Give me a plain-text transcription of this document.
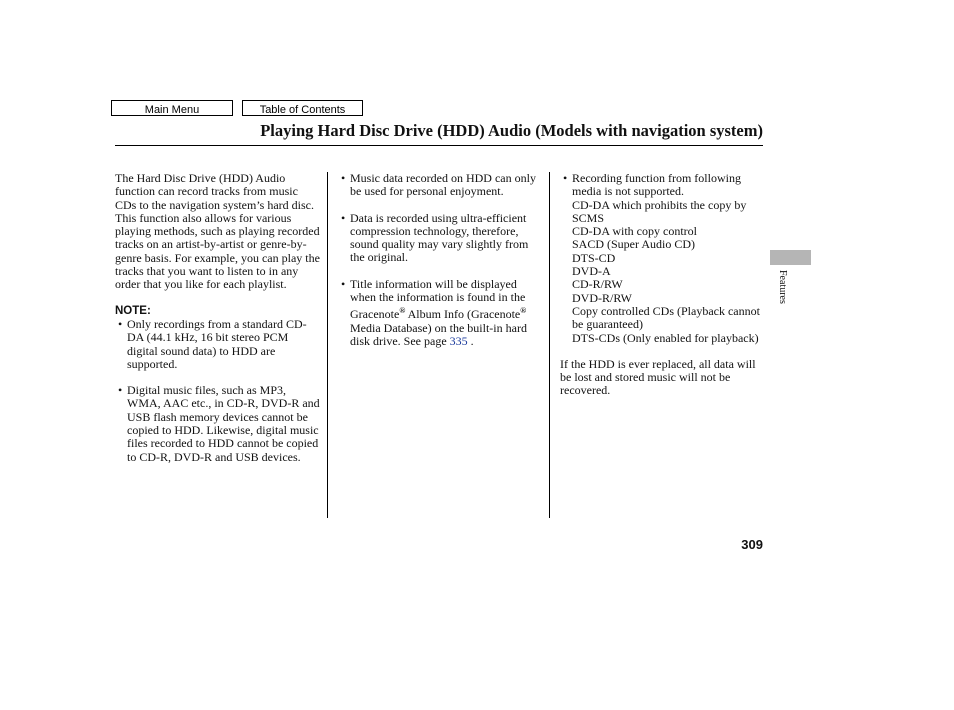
Main Menu	Table of Contents
Playing Hard Disc Drive (HDD) Audio (Models with navigation system)

The Hard Disc Drive (HDD) Audio function can record tracks from music CDs to the navigation system’s hard disc. This function also allows for various playing methods, such as playing recorded tracks on an artist-by-artist or genre-by-genre basis. For example, you can play the tracks that you want to listen to in any order that you like for each playlist.

NOTE:
• Only recordings from a standard CD-DA (44.1 kHz, 16 bit stereo PCM digital sound data) to HDD are supported.
• Digital music files, such as MP3, WMA, AAC etc., in CD-R, DVD-R and USB flash memory devices cannot be copied to HDD. Likewise, digital music files recorded to HDD cannot be copied to CD-R, DVD-R and USB devices.
• Music data recorded on HDD can only be used for personal enjoyment.
• Data is recorded using ultra-efficient compression technology, therefore, sound quality may vary slightly from the original.
• Title information will be displayed when the information is found in the Gracenote® Album Info (Gracenote® Media Database) on the built-in hard disk drive. See page 335 .
• Recording function from following media is not supported.
CD-DA which prohibits the copy by SCMS
CD-DA with copy control
SACD (Super Audio CD)
DTS-CD
DVD-A
CD-R/RW
DVD-R/RW
Copy controlled CDs (Playback cannot be guaranteed)
DTS-CDs (Only enabled for playback)

If the HDD is ever replaced, all data will be lost and stored music will not be recovered.

Features
309
